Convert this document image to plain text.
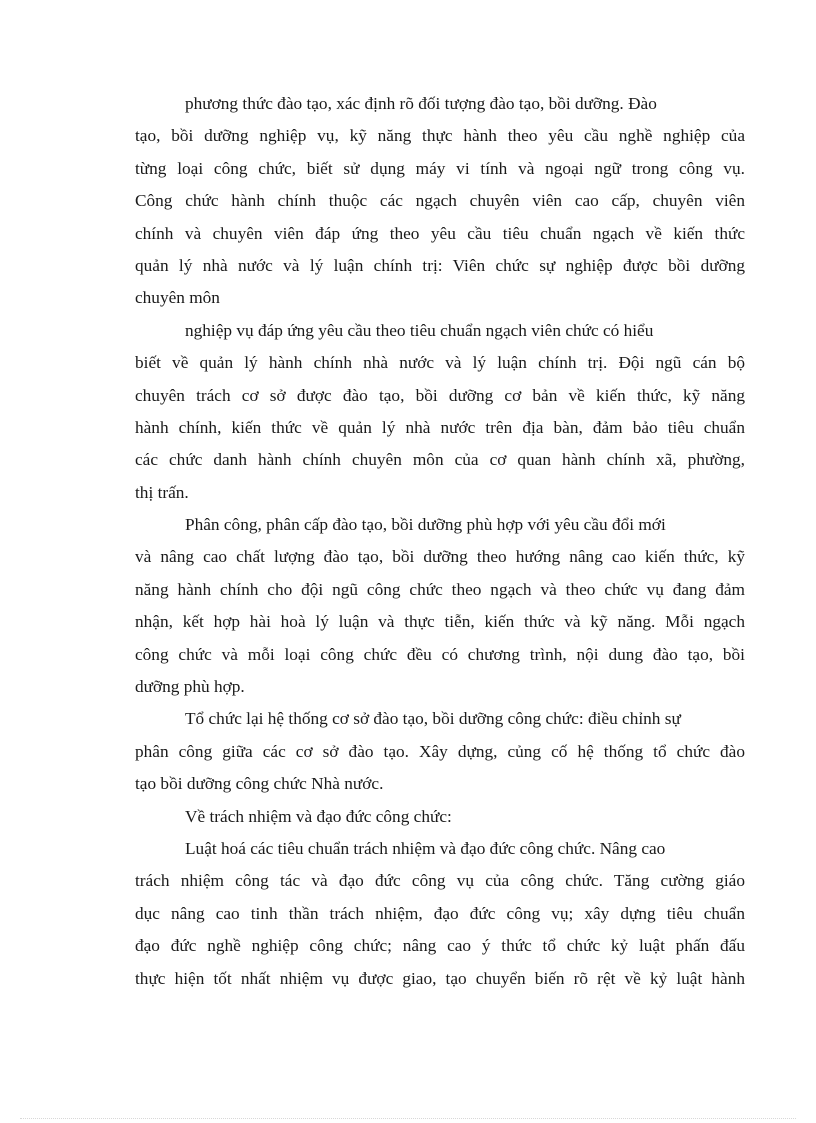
phương thức đào tạo, xác định rõ đối tượng đào tạo, bồi dưỡng. Đào
tạo, bồi dưỡng nghiệp vụ, kỹ năng thực hành theo yêu cầu nghề nghiệp của
từng loại công chức, biết sử dụng máy vi tính và ngoại ngữ trong công vụ.
Công chức hành chính thuộc các ngạch chuyên viên cao cấp, chuyên viên
chính và chuyên viên đáp ứng theo yêu cầu tiêu chuẩn ngạch về kiến thức
quản lý nhà nước và lý luận chính trị: Viên chức sự nghiệp được bồi dưỡng
chuyên môn
nghiệp vụ đáp ứng yêu cầu theo tiêu chuẩn ngạch viên chức có hiểu
biết về quản lý hành chính nhà nước và lý luận chính trị. Đội ngũ cán bộ
chuyên trách cơ sở được đào tạo, bồi dưỡng cơ bản về kiến thức, kỹ năng
hành chính, kiến thức về quản lý nhà nước trên địa bàn, đảm bảo tiêu chuẩn
các chức danh hành chính chuyên môn của cơ quan hành chính xã, phường,
thị trấn.
Phân công, phân cấp đào tạo, bồi dưỡng phù hợp với yêu cầu đổi mới
và nâng cao chất lượng đào tạo, bồi dưỡng theo hướng nâng cao kiến thức, kỹ
năng hành chính cho đội ngũ công chức theo ngạch và theo chức vụ đang đảm
nhận, kết hợp hài hoà lý luận và thực tiễn, kiến thức và kỹ năng. Mỗi ngạch
công chức và mỗi loại công chức đều có chương trình, nội dung đào tạo, bồi
dưỡng phù hợp.
Tổ chức lại hệ thống cơ sở đào tạo, bồi dưỡng công chức: điều chỉnh sự
phân công giữa các cơ sở đào tạo. Xây dựng, củng cố hệ thống tổ chức đào
tạo bồi dưỡng công chức Nhà nước.
Về trách nhiệm và đạo đức công chức:
Luật hoá các tiêu chuẩn trách nhiệm và đạo đức công chức. Nâng cao
trách nhiệm công tác và đạo đức công vụ của công chức. Tăng cường giáo
dục nâng cao tinh thần trách nhiệm, đạo đức công vụ; xây dựng tiêu chuẩn
đạo đức nghề nghiệp công chức; nâng cao ý thức tổ chức kỷ luật phấn đấu
thực hiện tốt nhất nhiệm vụ được giao, tạo chuyển biến rõ rệt về kỷ luật hành
